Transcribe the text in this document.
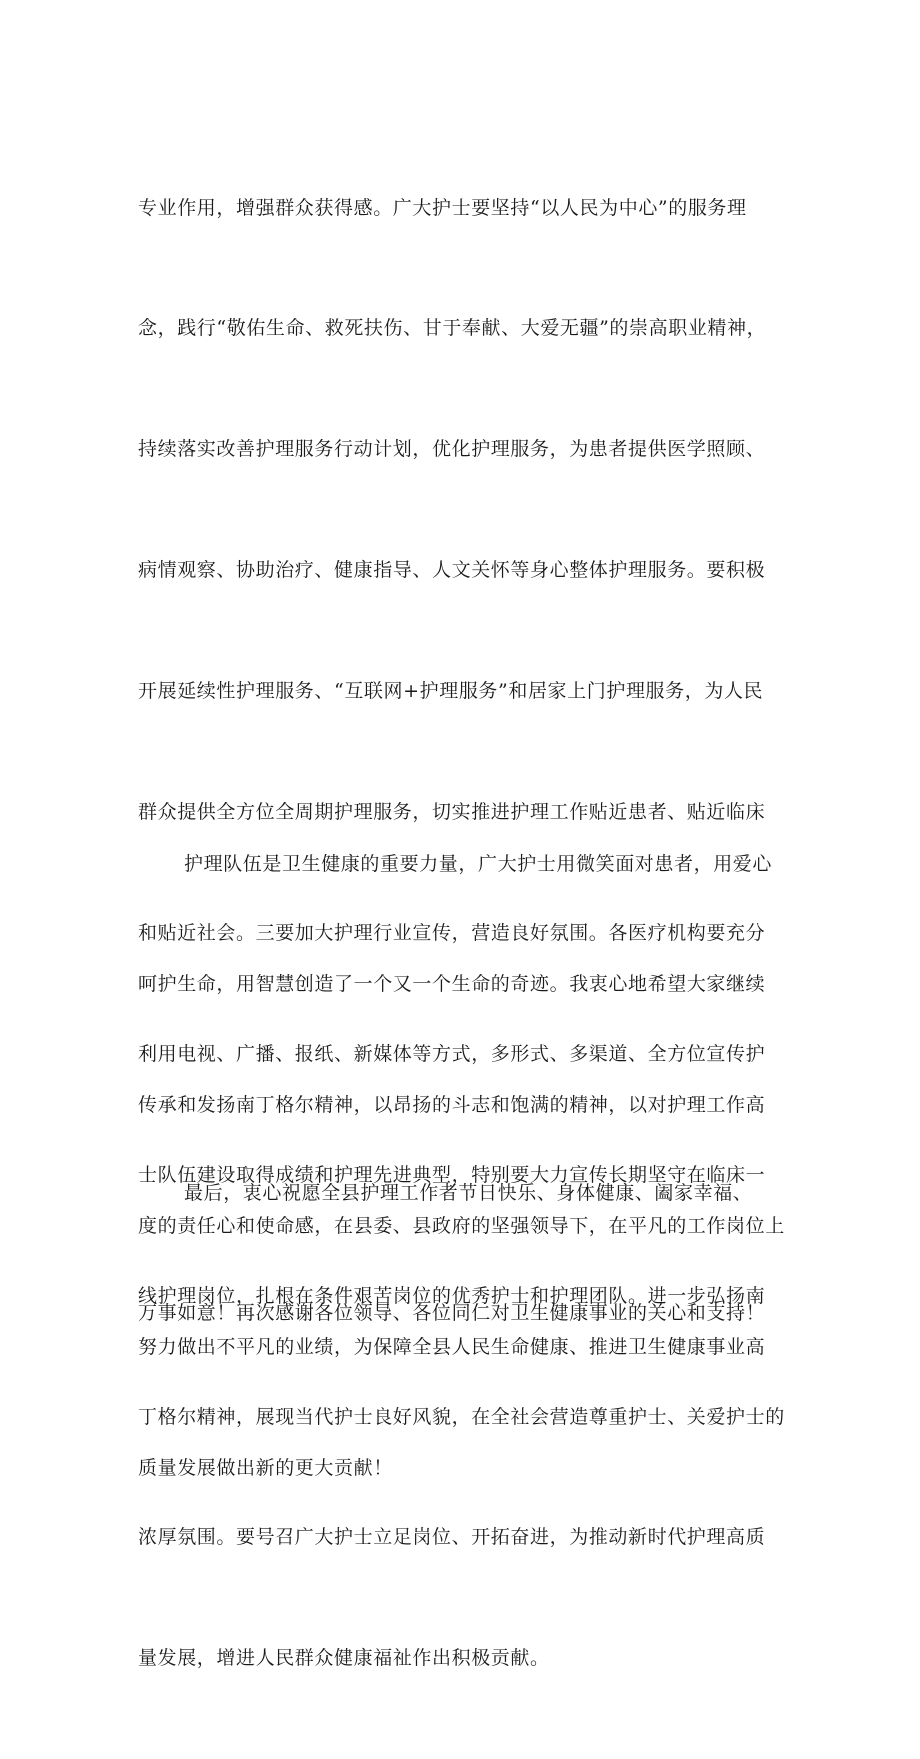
专业作用，增强群众获得感。广大护士要坚持“以人民为中心”的服务理

念，践行“敬佑生命、救死扶伤、甘于奉献、大爱无疆”的崇高职业精神，

持续落实改善护理服务行动计划，优化护理服务，为患者提供医学照顾、

病情观察、协助治疗、健康指导、人文关怀等身心整体护理服务。要积极

开展延续性护理服务、“互联网+护理服务”和居家上门护理服务，为人民

群众提供全方位全周期护理服务，切实推进护理工作贴近患者、贴近临床

和贴近社会。三要加大护理行业宣传，营造良好氛围。各医疗机构要充分

利用电视、广播、报纸、新媒体等方式，多形式、多渠道、全方位宣传护

士队伍建设取得成绩和护理先进典型，特别要大力宣传长期坚守在临床一

线护理岗位，扎根在条件艰苦岗位的优秀护士和护理团队。进一步弘扬南

丁格尔精神，展现当代护士良好风貌，在全社会营造尊重护士、关爱护士的

浓厚氛围。要号召广大护士立足岗位、开拓奋进，为推动新时代护理高质

量发展，增进人民群众健康福祉作出积极贡献。

护理队伍是卫生健康的重要力量，广大护士用微笑面对患者，用爱心

呵护生命，用智慧创造了一个又一个生命的奇迹。我衷心地希望大家继续

传承和发扬南丁格尔精神，以昂扬的斗志和饱满的精神，以对护理工作高

度的责任心和使命感，在县委、县政府的坚强领导下，在平凡的工作岗位上

努力做出不平凡的业绩，为保障全县人民生命健康、推进卫生健康事业高

质量发展做出新的更大贡献！

最后，衷心祝愿全县护理工作者节日快乐、身体健康、阖家幸福、

万事如意！再次感谢各位领导、各位同仁对卫生健康事业的关心和支持！
